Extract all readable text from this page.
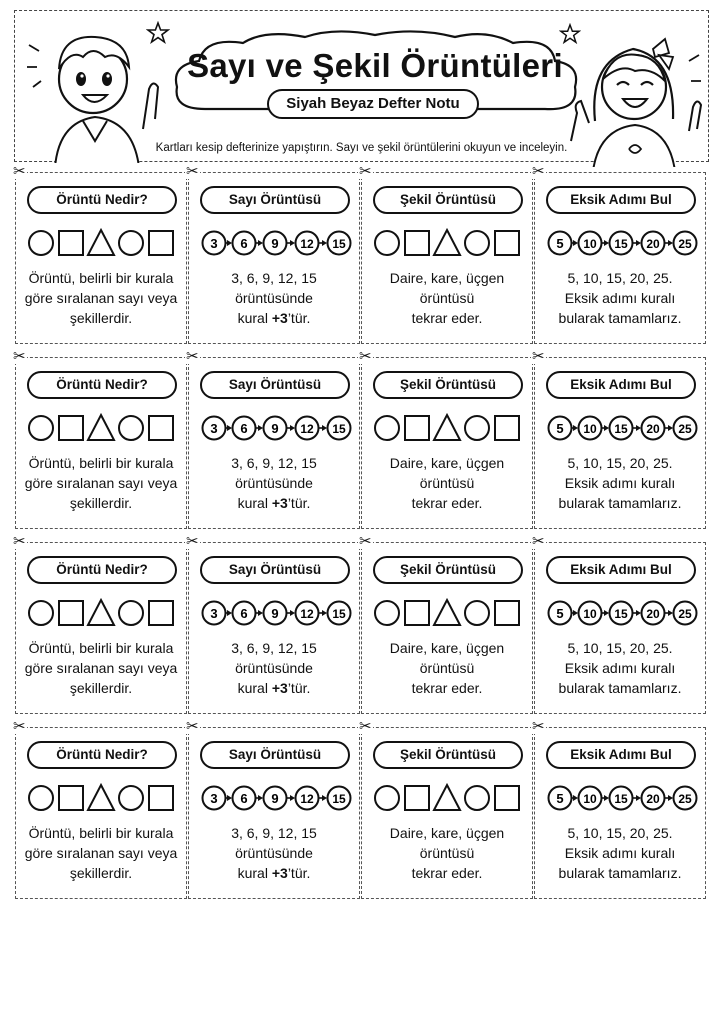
Sayı ve Şekil Örüntüleri
Siyah Beyaz Defter Notu
Kartları kesip defterinize yapıştırın. Sayı ve şekil örüntülerini okuyun ve inceleyin.
✂
Örüntü Nedir?
Örüntü, belirli bir kurala
göre sıralanan sayı veya
şekillerdir.
✂
Sayı Örüntüsü
3 6 9 12 15
3, 6, 9, 12, 15
örüntüsünde
kural +3’tür.
✂
Şekil Örüntüsü
Daire, kare, üçgen
örüntüsü
tekrar eder.
✂
Eksik Adımı Bul
5 10 15 20 25
5, 10, 15, 20, 25.
Eksik adımı kuralı
bularak tamamlarız.
✂
Örüntü Nedir?
Örüntü, belirli bir kurala
göre sıralanan sayı veya
şekillerdir.
✂
Sayı Örüntüsü
3 6 9 12 15
3, 6, 9, 12, 15
örüntüsünde
kural +3’tür.
✂
Şekil Örüntüsü
Daire, kare, üçgen
örüntüsü
tekrar eder.
✂
Eksik Adımı Bul
5 10 15 20 25
5, 10, 15, 20, 25.
Eksik adımı kuralı
bularak tamamlarız.
✂
Örüntü Nedir?
Örüntü, belirli bir kurala
göre sıralanan sayı veya
şekillerdir.
✂
Sayı Örüntüsü
3 6 9 12 15
3, 6, 9, 12, 15
örüntüsünde
kural +3’tür.
✂
Şekil Örüntüsü
Daire, kare, üçgen
örüntüsü
tekrar eder.
✂
Eksik Adımı Bul
5 10 15 20 25
5, 10, 15, 20, 25.
Eksik adımı kuralı
bularak tamamlarız.
✂
Örüntü Nedir?
Örüntü, belirli bir kurala
göre sıralanan sayı veya
şekillerdir.
✂
Sayı Örüntüsü
3 6 9 12 15
3, 6, 9, 12, 15
örüntüsünde
kural +3’tür.
✂
Şekil Örüntüsü
Daire, kare, üçgen
örüntüsü
tekrar eder.
✂
Eksik Adımı Bul
5 10 15 20 25
5, 10, 15, 20, 25.
Eksik adımı kuralı
bularak tamamlarız.
